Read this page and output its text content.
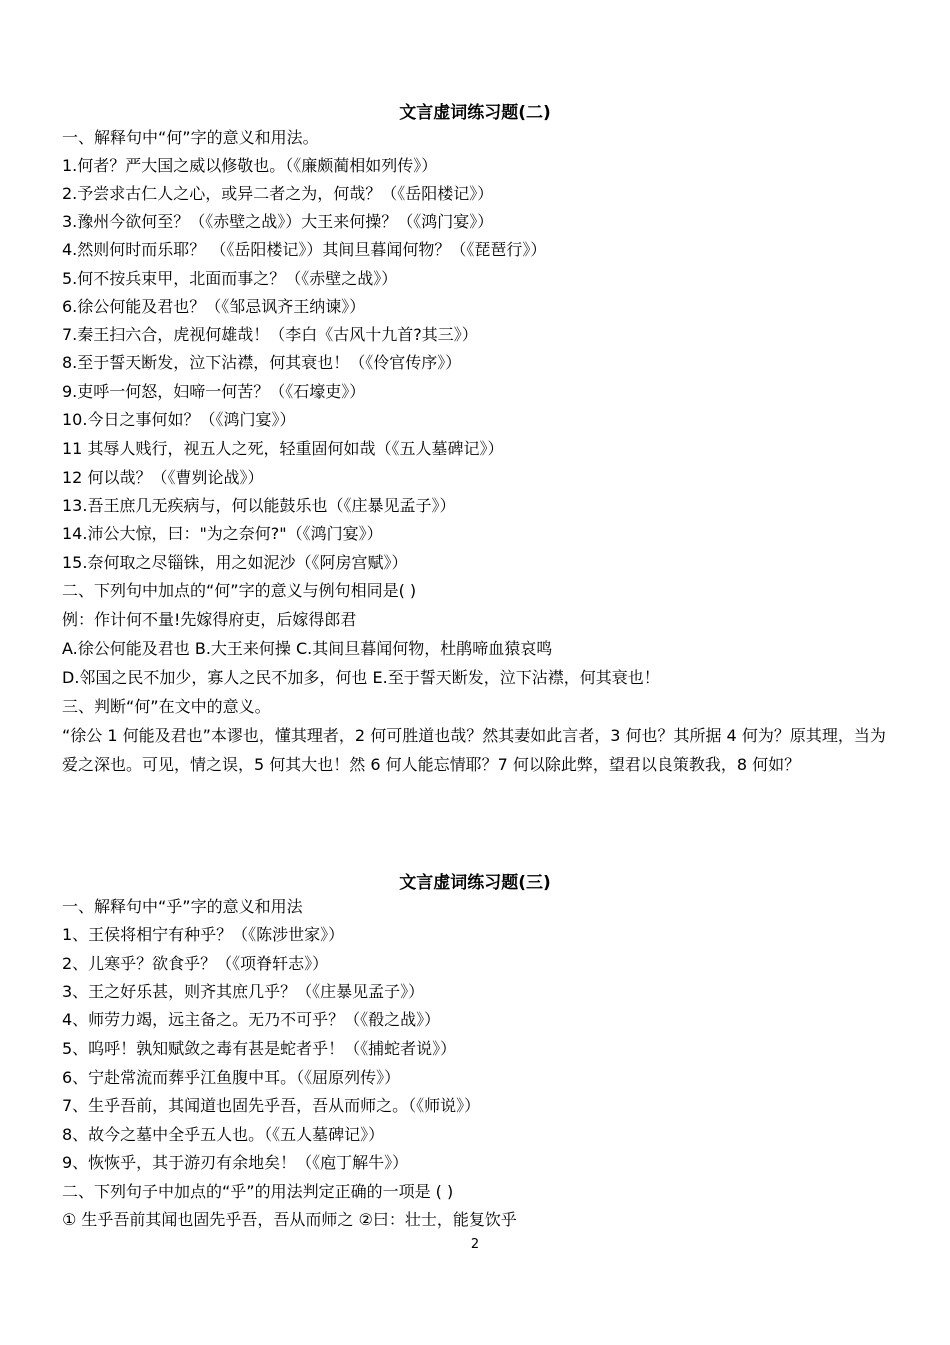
文言虚词练习题(二)
一、解释句中“何”字的意义和用法。
1.何者？严大国之威以修敬也。（《廉颇蔺相如列传》）
2.予尝求古仁人之心，或异二者之为，何哉？（《岳阳楼记》）
3.豫州今欲何至？（《赤壁之战》）大王来何操？（《鸿门宴》）
4.然则何时而乐耶？ （《岳阳楼记》）其间旦暮闻何物？（《琵琶行》）
5.何不按兵束甲，北面而事之？（《赤壁之战》）
6.徐公何能及君也？（《邹忌讽齐王纳谏》）
7.秦王扫六合，虎视何雄哉！（李白《古风十九首?其三》）
8.至于誓天断发，泣下沾襟，何其衰也！（《伶官传序》）
9.吏呼一何怒，妇啼一何苦？（《石壕吏》）
10.今日之事何如？（《鸿门宴》）
11 其辱人贱行，视五人之死，轻重固何如哉（《五人墓碑记》）
12 何以哉？（《曹刿论战》）
13.吾王庶几无疾病与，何以能鼓乐也（《庄暴见孟子》）
14.沛公大惊，曰："为之奈何?"（《鸿门宴》）
15.奈何取之尽锱铢，用之如泥沙（《阿房宫赋》）
二、下列句中加点的“何”字的意义与例句相同是( )
例：作计何不量!先嫁得府吏，后嫁得郎君
A.徐公何能及君也 B.大王来何操 C.其间旦暮闻何物，杜鹃啼血猿哀鸣
D.邻国之民不加少，寡人之民不加多，何也 E.至于誓天断发，泣下沾襟，何其衰也！
三、判断“何”在文中的意义。
“徐公 1 何能及君也”本谬也，懂其理者，2 何可胜道也哉？然其妻如此言者，3 何也？其所据 4 何为？原其理，当为爱之深也。可见，情之误，5 何其大也！然 6 何人能忘情耶？7 何以除此弊，望君以良策教我，8 何如？
文言虚词练习题(三)
一、解释句中“乎”字的意义和用法
1、王侯将相宁有种乎？（《陈涉世家》）
2、儿寒乎？欲食乎？（《项脊轩志》）
3、王之好乐甚，则齐其庶几乎？（《庄暴见孟子》）
4、师劳力竭，远主备之。无乃不可乎？（《殽之战》）
5、呜呼！孰知赋敛之毒有甚是蛇者乎！（《捕蛇者说》）
6、宁赴常流而葬乎江鱼腹中耳。（《屈原列传》）
7、生乎吾前，其闻道也固先乎吾，吾从而师之。（《师说》）
8、故今之墓中全乎五人也。（《五人墓碑记》）
9、恢恢乎，其于游刃有余地矣！（《庖丁解牛》）
二、下列句子中加点的“乎”的用法判定正确的一项是 ( )
① 生乎吾前其闻也固先乎吾，吾从而师之 ②曰：壮士，能复饮乎
2
